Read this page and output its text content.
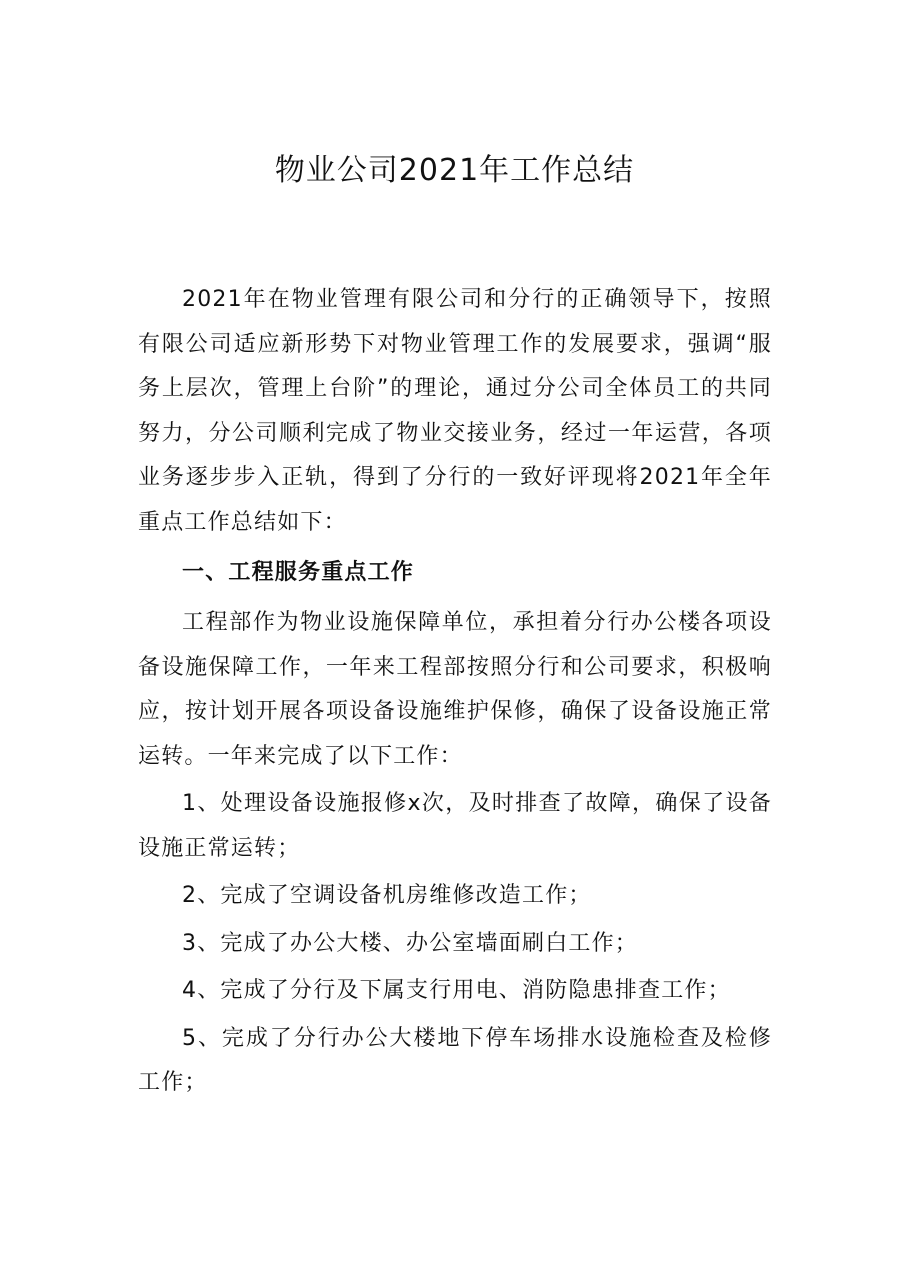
物业公司2021年工作总结

2021年在物业管理有限公司和分行的正确领导下，按照有限公司适应新形势下对物业管理工作的发展要求，强调“服务上层次，管理上台阶”的理论，通过分公司全体员工的共同努力，分公司顺利完成了物业交接业务，经过一年运营，各项业务逐步步入正轨，得到了分行的一致好评现将2021年全年重点工作总结如下：

一、工程服务重点工作

工程部作为物业设施保障单位，承担着分行办公楼各项设备设施保障工作，一年来工程部按照分行和公司要求，积极响应，按计划开展各项设备设施维护保修，确保了设备设施正常运转。一年来完成了以下工作：

1、处理设备设施报修x次，及时排查了故障，确保了设备设施正常运转；

2、完成了空调设备机房维修改造工作；

3、完成了办公大楼、办公室墙面刷白工作；

4、完成了分行及下属支行用电、消防隐患排查工作；

5、完成了分行办公大楼地下停车场排水设施检查及检修工作；
